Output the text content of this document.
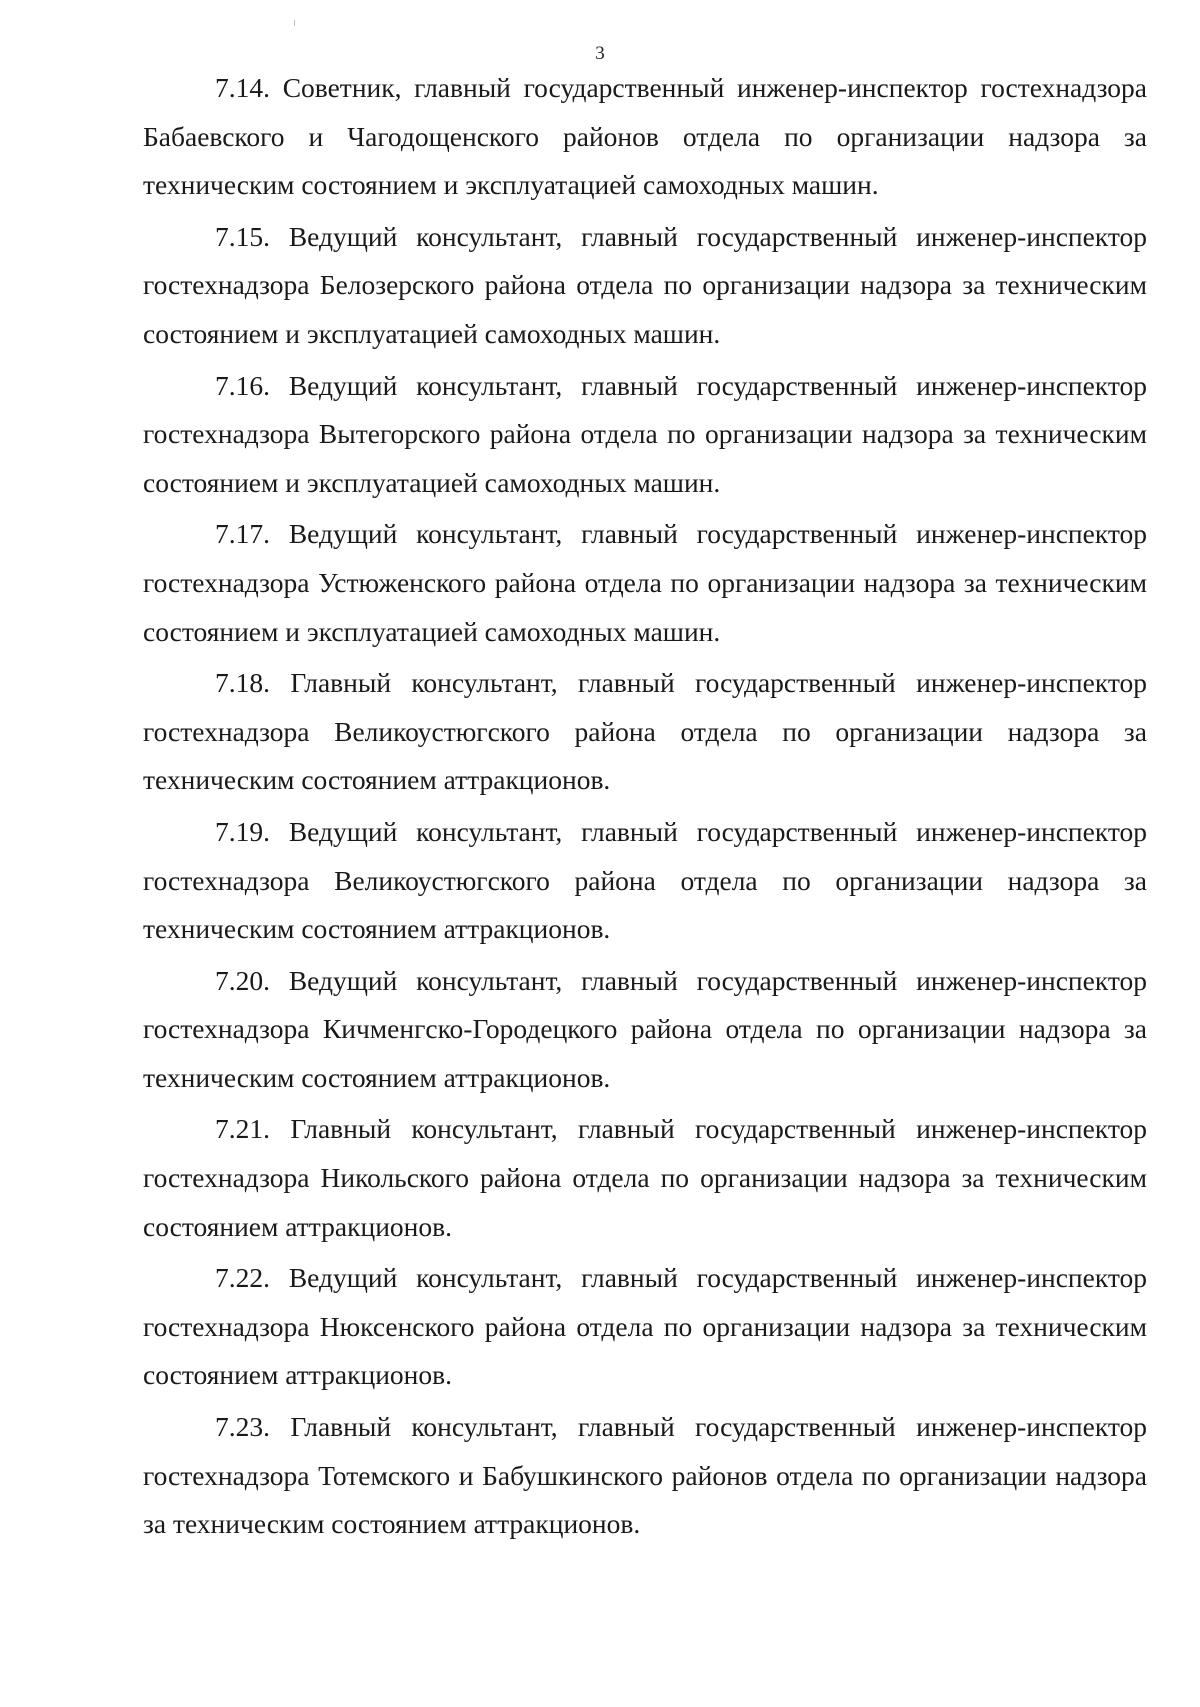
3

7.14. Советник, главный государственный инженер-инспектор гостехнадзора Бабаевского и Чагодощенского районов отдела по организации надзора за техническим состоянием и эксплуатацией самоходных машин.

7.15. Ведущий консультант, главный государственный инженер-инспектор гостехнадзора Белозерского района отдела по организации надзора за техническим состоянием и эксплуатацией самоходных машин.

7.16. Ведущий консультант, главный государственный инженер-инспектор гостехнадзора Вытегорского района отдела по организации надзора за техническим состоянием и эксплуатацией самоходных машин.

7.17. Ведущий консультант, главный государственный инженер-инспектор гостехнадзора Устюженского района отдела по организации надзора за техническим состоянием и эксплуатацией самоходных машин.

7.18. Главный консультант, главный государственный инженер-инспектор гостехнадзора Великоустюгского района отдела по организации надзора за техническим состоянием аттракционов.

7.19. Ведущий консультант, главный государственный инженер-инспектор гостехнадзора Великоустюгского района отдела по организации надзора за техническим состоянием аттракционов.

7.20. Ведущий консультант, главный государственный инженер-инспектор гостехнадзора Кичменгско-Городецкого района отдела по организации надзора за техническим состоянием аттракционов.

7.21. Главный консультант, главный государственный инженер-инспектор гостехнадзора Никольского района отдела по организации надзора за техническим состоянием аттракционов.

7.22. Ведущий консультант, главный государственный инженер-инспектор гостехнадзора Нюксенского района отдела по организации надзора за техническим состоянием аттракционов.

7.23. Главный консультант, главный государственный инженер-инспектор гостехнадзора Тотемского и Бабушкинского районов отдела по организации надзора за техническим состоянием аттракционов.
